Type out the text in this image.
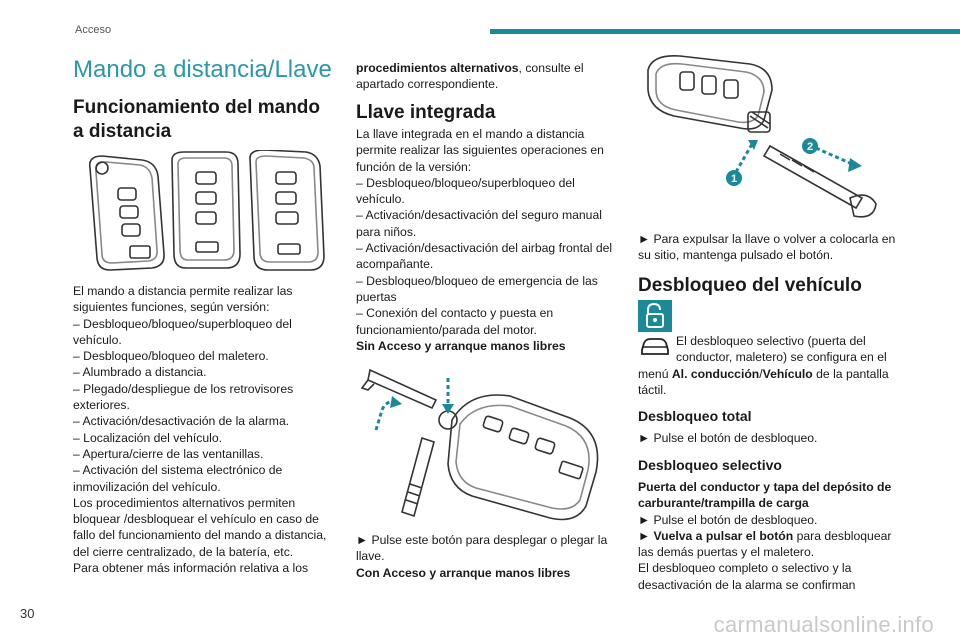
Acceso
Mando a distancia/Llave
Funcionamiento del mando
a distancia

El mando a distancia permite realizar las

siguientes funciones, según versión:

– Desbloqueo/bloqueo/superbloqueo del

vehículo.

– Desbloqueo/bloqueo del maletero.

– Alumbrado a distancia.

– Plegado/despliegue de los retrovisores

exteriores.

– Activación/desactivación de la alarma.

– Localización del vehículo.

– Apertura/cierre de las ventanillas.

– Activación del sistema electrónico de

inmovilización del vehículo.

Los procedimientos alternativos permiten

bloquear /desbloquear el vehículo en caso de

fallo del funcionamiento del mando a distancia,

del cierre centralizado, de la batería, etc.

Para obtener más información relativa a los

procedimientos alternativos, consulte el

apartado correspondiente.

Llave integrada

La llave integrada en el mando a distancia

permite realizar las siguientes operaciones en

función de la versión:

– Desbloqueo/bloqueo/superbloqueo del

vehículo.

– Activación/desactivación del seguro manual

para niños.

– Activación/desactivación del airbag frontal del

acompañante.

– Desbloqueo/bloqueo de emergencia de las

puertas

– Conexión del contacto y puesta en

funcionamiento/parada del motor.

Sin Acceso y arranque manos libres

► Pulse este botón para desplegar o plegar la

llave.

Con Acceso y arranque manos libres

1
2

► Para expulsar la llave o volver a colocarla en

su sitio, mantenga pulsado el botón.

Desbloqueo del vehículo

El desbloqueo selectivo (puerta del

conductor, maletero) se configura en el

menú Al. conducción/Vehículo de la pantalla

táctil.

Desbloqueo total

► Pulse el botón de desbloqueo.

Desbloqueo selectivo

Puerta del conductor y tapa del depósito de

carburante/trampilla de carga

► Pulse el botón de desbloqueo.

► Vuelva a pulsar el botón para desbloquear

las demás puertas y el maletero.

El desbloqueo completo o selectivo y la

desactivación de la alarma se confirman

30	carmanualsonline.info
